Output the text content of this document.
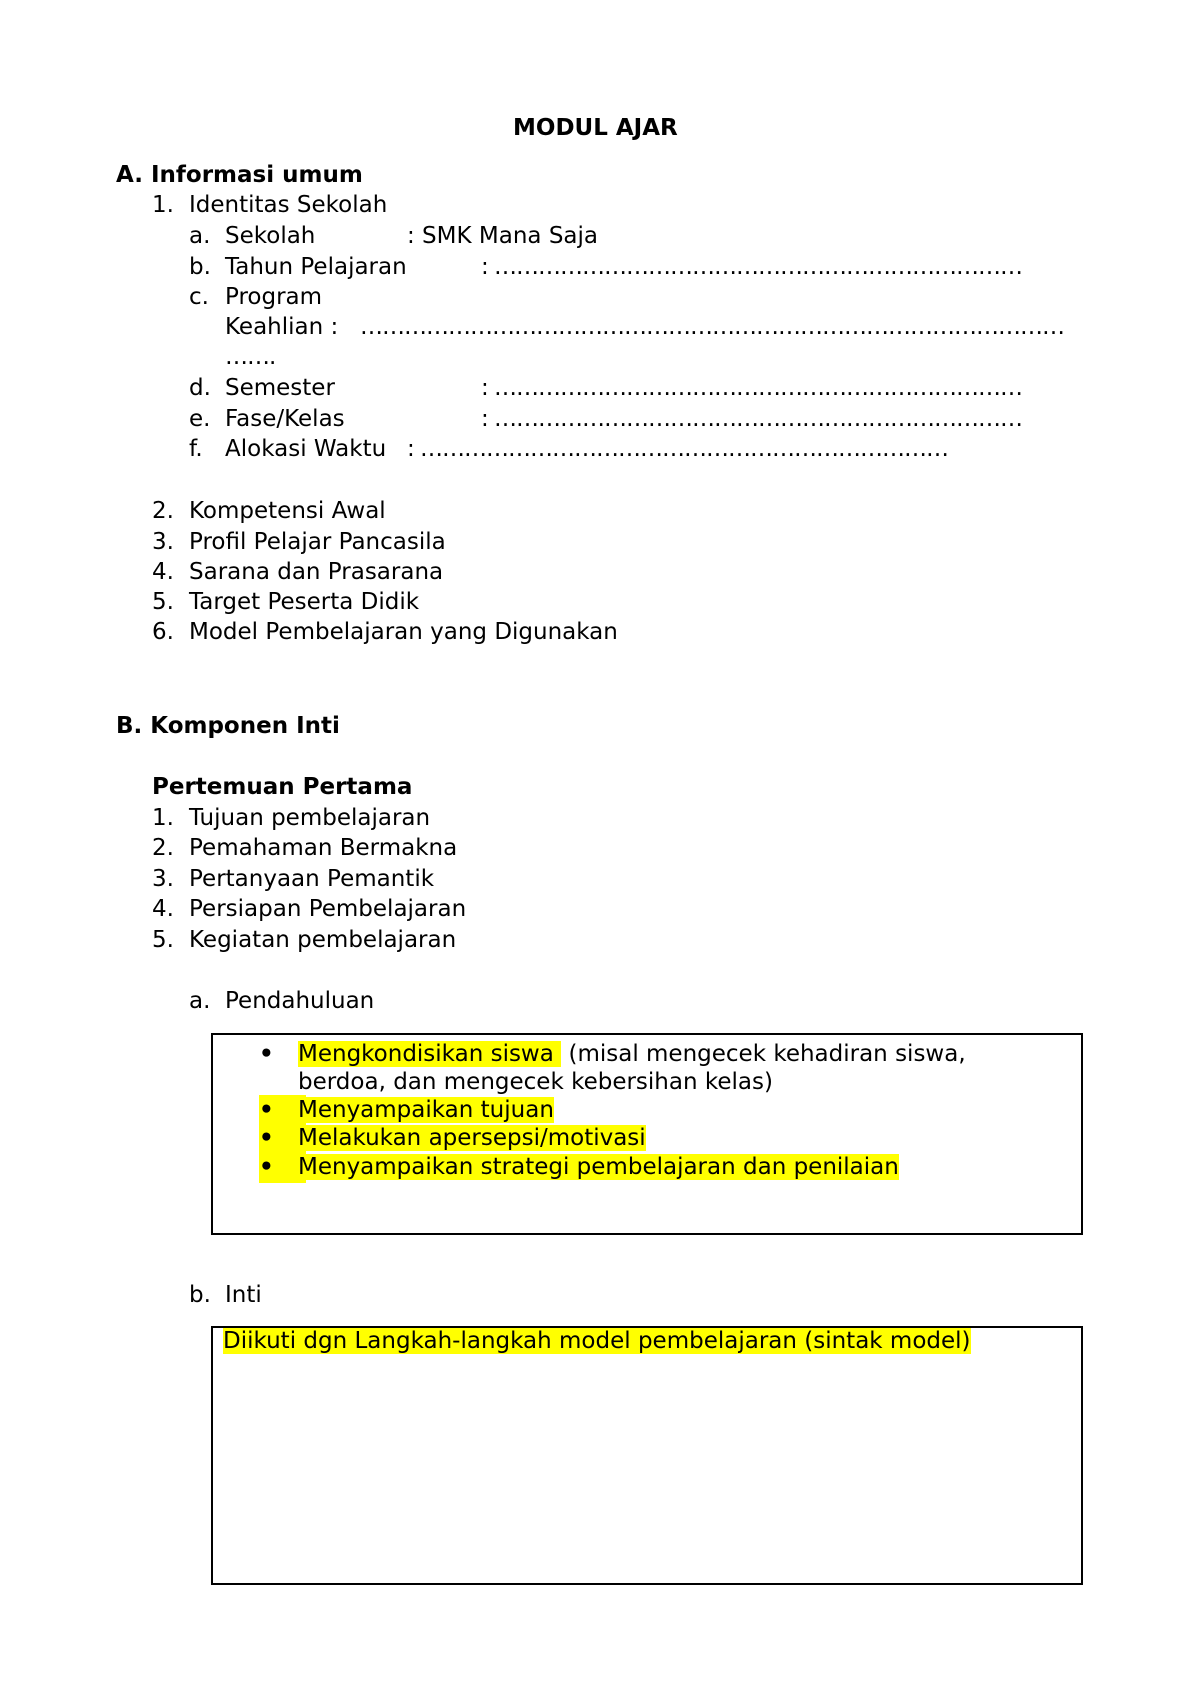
MODUL AJAR
A. Informasi umum
1. Identitas Sekolah
a. Sekolah	: SMK Mana Saja
b. Tahun Pelajaran	: ………………………………………………………………
c. Program
Keahlian : ……………………………………………………………………………………
…….
d. Semester	: ………………………………………………………………
e. Fase/Kelas	: ………………………………………………………………
f. Alokasi Waktu : ………………………………………………………………
2. Kompetensi Awal
3. Profil Pelajar Pancasila
4. Sarana dan Prasarana
5. Target Peserta Didik
6. Model Pembelajaran yang Digunakan
B. Komponen Inti
Pertemuan Pertama
1. Tujuan pembelajaran
2. Pemahaman Bermakna
3. Pertanyaan Pemantik
4. Persiapan Pembelajaran
5. Kegiatan pembelajaran
a. Pendahuluan
• Mengkondisikan siswa  (misal mengecek kehadiran siswa,
berdoa, dan mengecek kebersihan kelas)
•	Menyampaikan tujuan
•	Melakukan apersepsi/motivasi
•	Menyampaikan strategi pembelajaran dan penilaian
b. Inti
Diikuti dgn Langkah-langkah model pembelajaran (sintak model)
